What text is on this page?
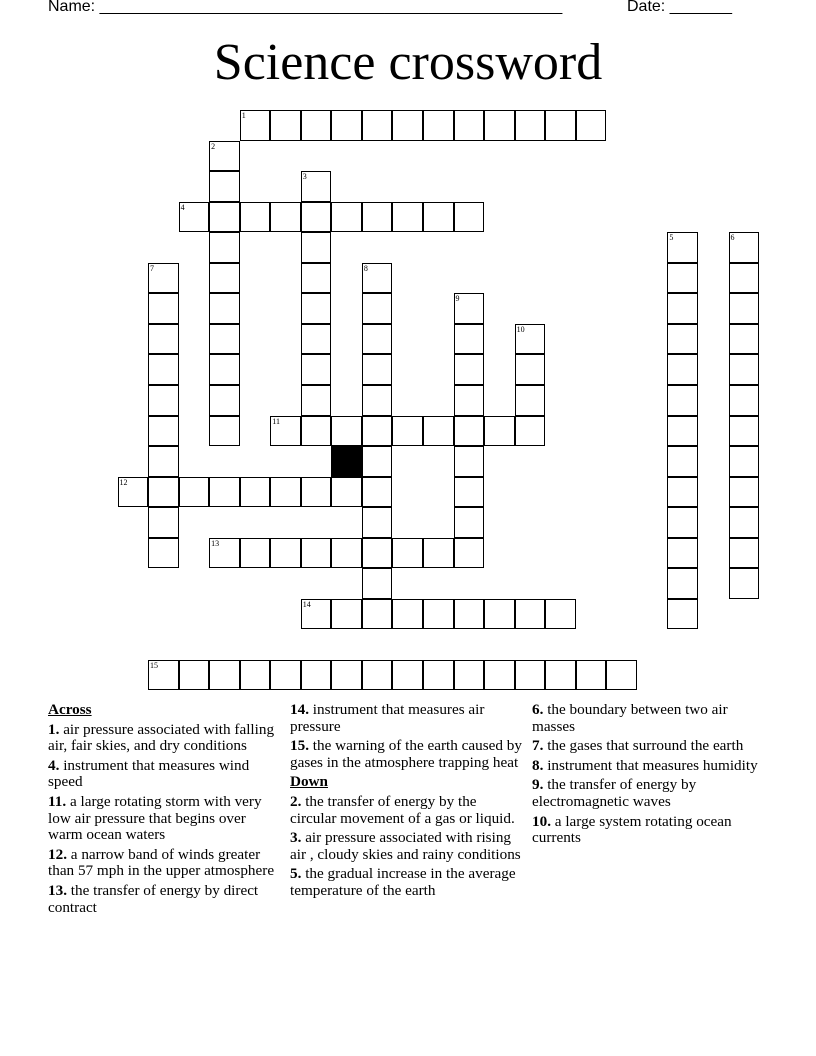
Name: ____________________________________________________	Date: _______
Science crossword
1
2
3
4
5	6
7	8
9
10
11
12
13
14
15
Across
1. air pressure associated with falling air, fair skies, and dry conditions
4. instrument that measures wind speed
11. a large rotating storm with very low air pressure that begins over warm ocean waters
12. a narrow band of winds greater than 57 mph in the upper atmosphere
13. the transfer of energy by direct contract
14. instrument that measures air pressure
15. the warning of the earth caused by gases in the atmosphere trapping heat
Down
2. the transfer of energy by the circular movement of a gas or liquid.
3. air pressure associated with rising air , cloudy skies and rainy conditions
5. the gradual increase in the average temperature of the earth
6. the boundary between two air masses
7. the gases that surround the earth
8. instrument that measures humidity
9. the transfer of energy by electromagnetic waves
10. a large system rotating ocean currents
